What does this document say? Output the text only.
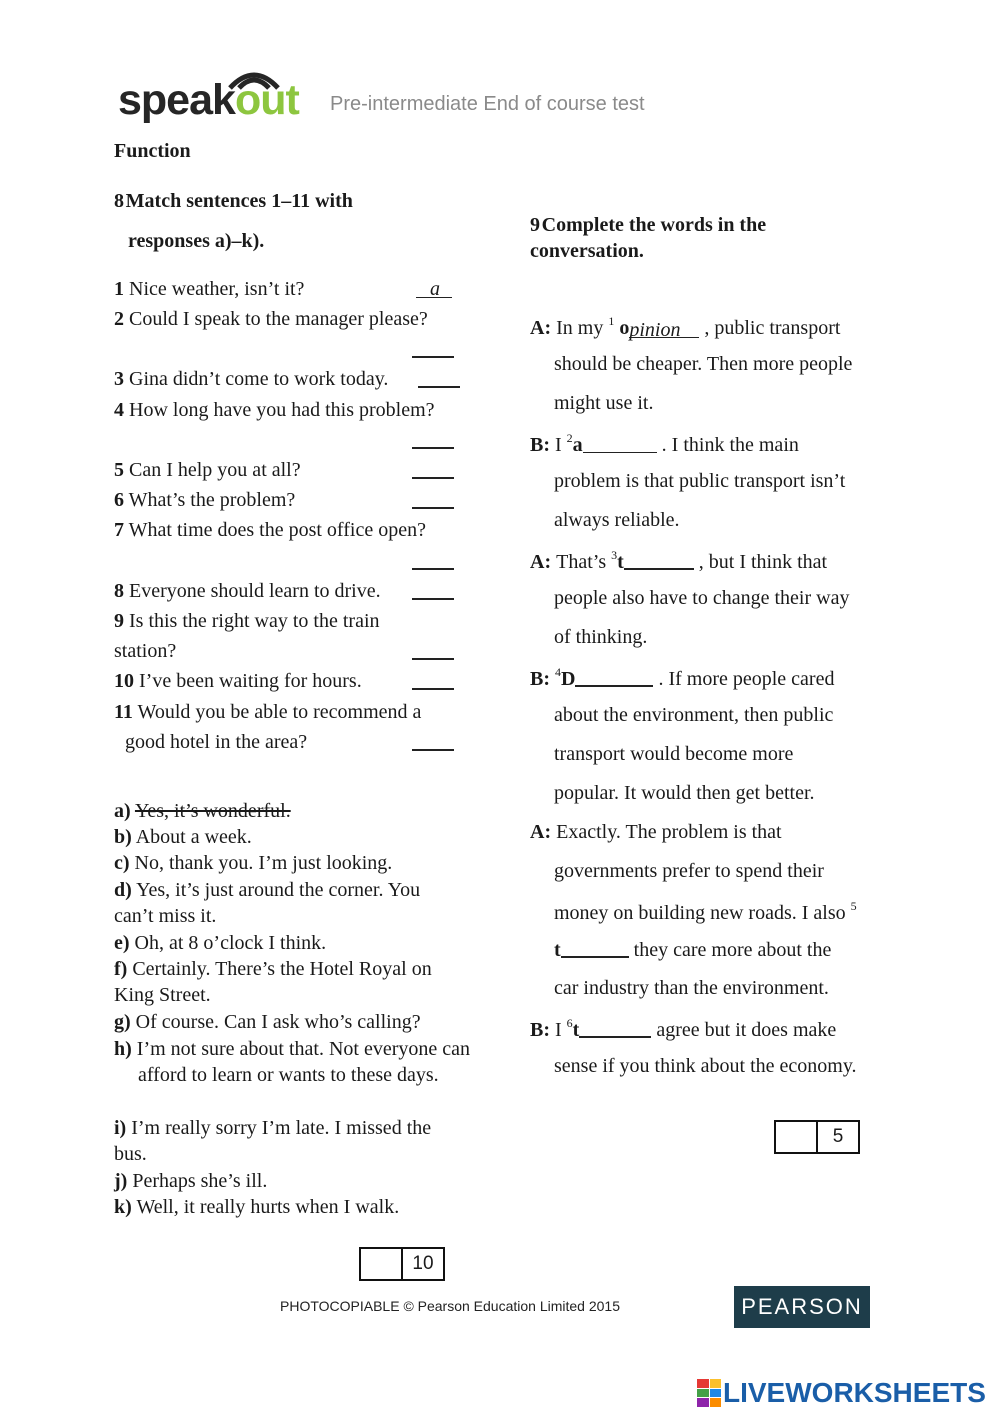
speakout Pre-intermediate End of course test
Function
8 Match sentences 1–11 with
responses a)–k).
1 Nice weather, isn’t it?	a
2 Could I speak to the manager please?
3 Gina didn’t come to work today.
4 How long have you had this problem?
5 Can I help you at all?
6 What’s the problem?
7 What time does the post office open?
8 Everyone should learn to drive.
9 Is this the right way to the train
station?
10 I’ve been waiting for hours.
11 Would you be able to recommend a
good hotel in the area?
a) Yes, it’s wonderful.
b) About a week.
c) No, thank you. I’m just looking.
d) Yes, it’s just around the corner. You can’t miss it.
e) Oh, at 8 o’clock I think.
f) Certainly. There’s the Hotel Royal on King Street.
g) Of course. Can I ask who’s calling?
h) I’m not sure about that. Not everyone can afford to learn or wants to these days.
i) I’m really sorry I’m late. I missed the bus.
j) Perhaps she’s ill.
k) Well, it really hurts when I walk.
10
9 Complete the words in the conversation.
A: In my $^1$ opinion , public transport
should be cheaper. Then more people
might use it.
B: I $^2$a	. I think the main
problem is that public transport isn’t
always reliable.
A: That’s $^3$t	, but I think that
people also have to change their way
of thinking.
B: $^4$D	. If more people cared
about the environment, then public
transport would become more
popular. It would then get better.
A: Exactly. The problem is that
governments prefer to spend their
money on building new roads. I also $^5$
t	they care more about the
car industry than the environment.
B: I $^6$t	agree but it does make
sense if you think about the economy.
5
PHOTOCOPIABLE © Pearson Education Limited 2015	PEARSON
LIVEWORKSHEETS
